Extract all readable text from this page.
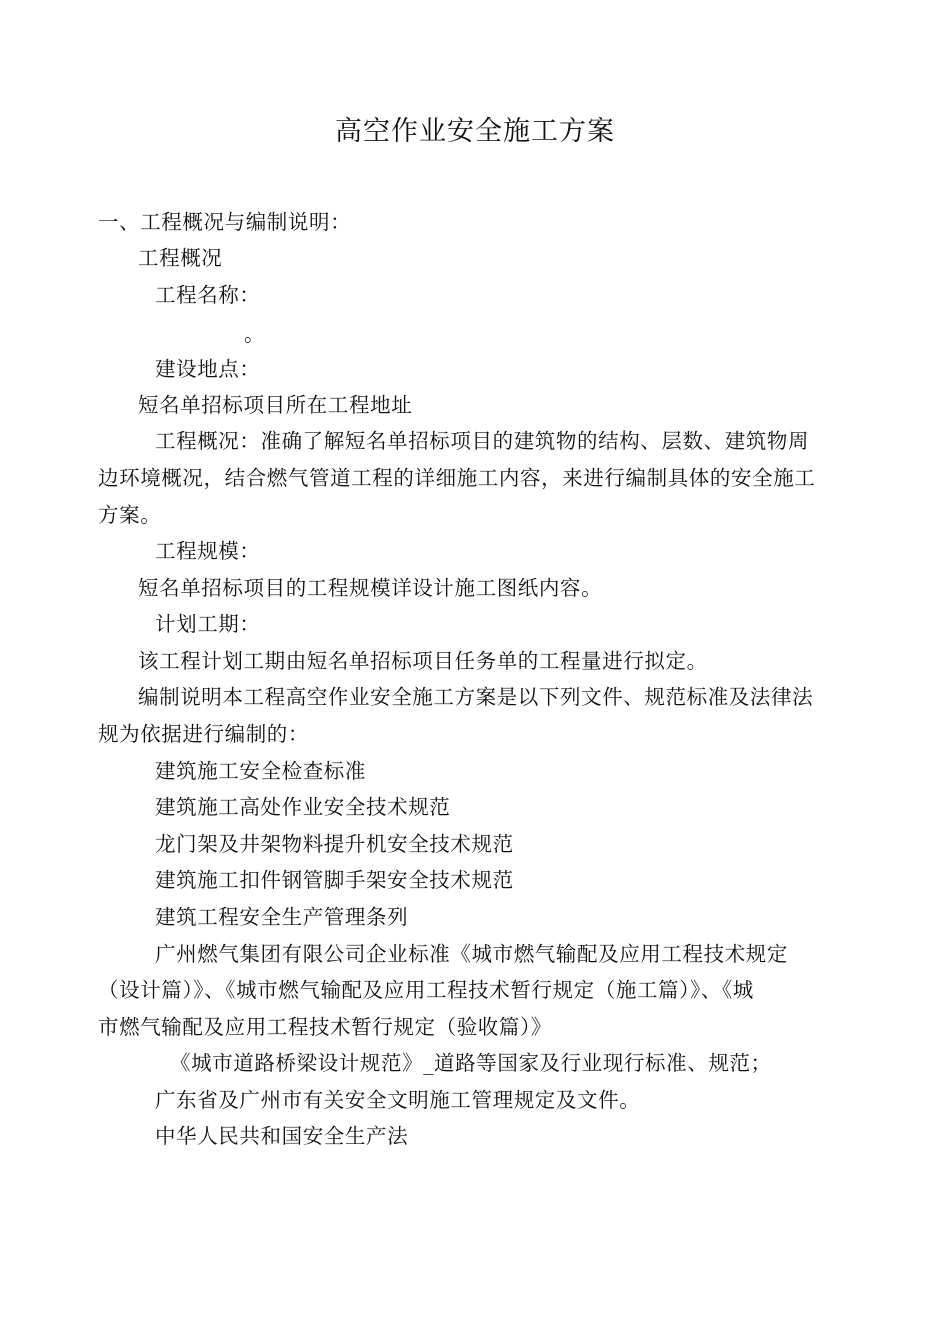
高空作业安全施工方案
一、工程概况与编制说明：
工程概况
工程名称：
。
建设地点：
短名单招标项目所在工程地址
工程概况：准确了解短名单招标项目的建筑物的结构、层数、建筑物周
边环境概况，结合燃气管道工程的详细施工内容，来进行编制具体的安全施工
方案。
工程规模：
短名单招标项目的工程规模详设计施工图纸内容。
计划工期：
该工程计划工期由短名单招标项目任务单的工程量进行拟定。
编制说明本工程高空作业安全施工方案是以下列文件、规范标准及法律法
规为依据进行编制的：
建筑施工安全检查标准
建筑施工高处作业安全技术规范
龙门架及井架物料提升机安全技术规范
建筑施工扣件钢管脚手架安全技术规范
建筑工程安全生产管理条列
广州燃气集团有限公司企业标准《城市燃气输配及应用工程技术规定
（设计篇）》、《城市燃气输配及应用工程技术暂行规定（施工篇）》、《城
市燃气输配及应用工程技术暂行规定（验收篇）》
《城市道路桥梁设计规范》_道路等国家及行业现行标准、规范；
广东省及广州市有关安全文明施工管理规定及文件。
中华人民共和国安全生产法
